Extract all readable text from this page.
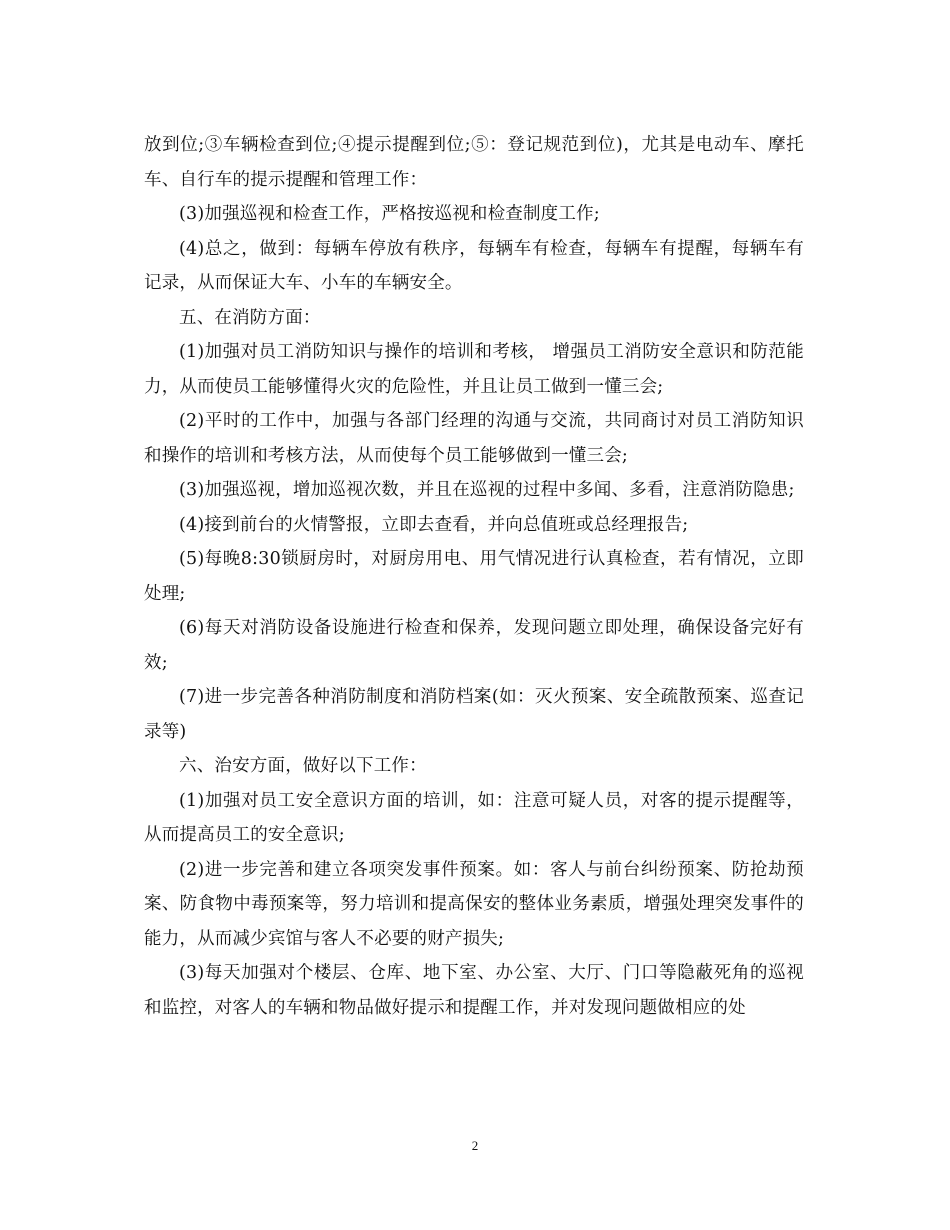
放到位;③车辆检查到位;④提示提醒到位;⑤：登记规范到位)，尤其是电动车、摩托车、自行车的提示提醒和管理工作：

(3)加强巡视和检查工作，严格按巡视和检查制度工作;

(4)总之，做到：每辆车停放有秩序，每辆车有检查，每辆车有提醒，每辆车有记录，从而保证大车、小车的车辆安全。

五、在消防方面：

(1)加强对员工消防知识与操作的培训和考核， 增强员工消防安全意识和防范能力，从而使员工能够懂得火灾的危险性，并且让员工做到一懂三会;

(2)平时的工作中，加强与各部门经理的沟通与交流，共同商讨对员工消防知识和操作的培训和考核方法，从而使每个员工能够做到一懂三会;

(3)加强巡视，增加巡视次数，并且在巡视的过程中多闻、多看，注意消防隐患;

(4)接到前台的火情警报，立即去查看，并向总值班或总经理报告;

(5)每晚8:30锁厨房时，对厨房用电、用气情况进行认真检查，若有情况，立即处理;

(6)每天对消防设备设施进行检查和保养，发现问题立即处理，确保设备完好有效;

(7)进一步完善各种消防制度和消防档案(如：灭火预案、安全疏散预案、巡查记录等)

六、治安方面，做好以下工作：

(1)加强对员工安全意识方面的培训，如：注意可疑人员，对客的提示提醒等，从而提高员工的安全意识;

(2)进一步完善和建立各项突发事件预案。如：客人与前台纠纷预案、防抢劫预案、防食物中毒预案等，努力培训和提高保安的整体业务素质，增强处理突发事件的能力，从而减少宾馆与客人不必要的财产损失;

(3)每天加强对个楼层、仓库、地下室、办公室、大厅、门口等隐蔽死角的巡视和监控，对客人的车辆和物品做好提示和提醒工作，并对发现问题做相应的处

2
